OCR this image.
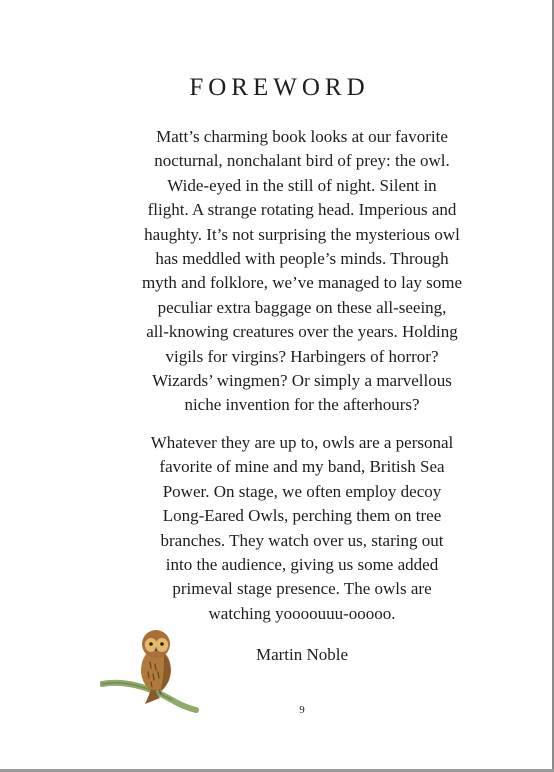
FOREWORD

Matt’s charming book looks at our favorite
nocturnal, nonchalant bird of prey: the owl.
Wide-eyed in the still of night. Silent in
flight. A strange rotating head. Imperious and
haughty. It’s not surprising the mysterious owl
has meddled with people’s minds. Through
myth and folklore, we’ve managed to lay some
peculiar extra baggage on these all-seeing,
all-knowing creatures over the years. Holding
vigils for virgins? Harbingers of horror?
Wizards’ wingmen? Or simply a marvellous
niche invention for the afterhours?

Whatever they are up to, owls are a personal
favorite of mine and my band, British Sea
Power. On stage, we often employ decoy
Long-Eared Owls, perching them on tree
branches. They watch over us, staring out
into the audience, giving us some added
primeval stage presence. The owls are
watching yoooouuu-ooooo.

Martin Noble

9
